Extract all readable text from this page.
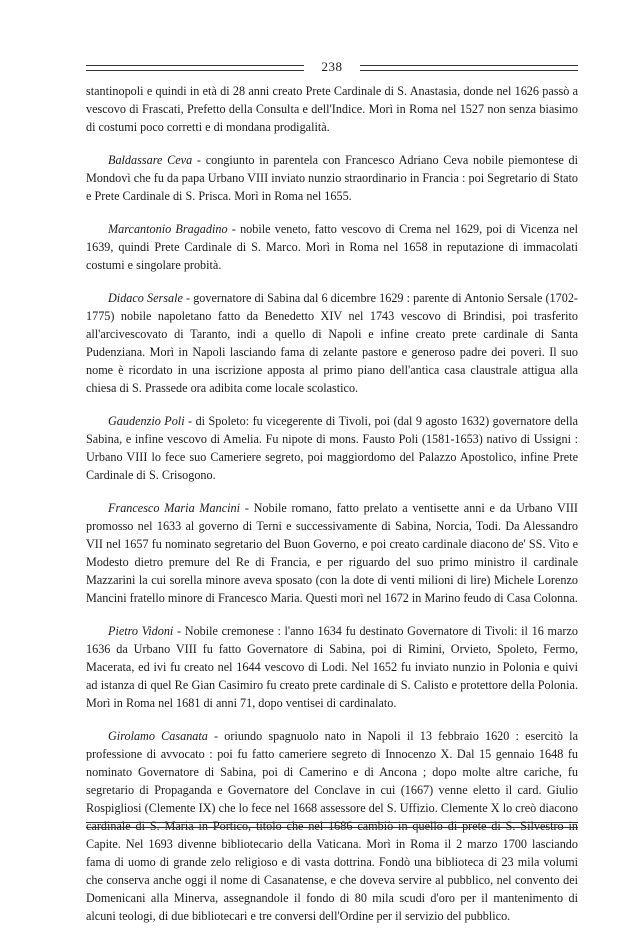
238

stantinopoli e quindi in età di 28 anni creato Prete Cardinale di S. Anastasia, donde nel 1626 passò a vescovo di Frascati, Prefetto della Consulta e dell'Indice. Morì in Roma nel 1527 non senza biasimo di costumi poco corretti e di mondana prodigalità.

Baldassare Ceva - congiunto in parentela con Francesco Adriano Ceva nobile piemontese di Mondovì che fu da papa Urbano VIII inviato nunzio straordinario in Francia : poi Segretario di Stato e Prete Cardinale di S. Prisca. Morì in Roma nel 1655.

Marcantonio Bragadino - nobile veneto, fatto vescovo di Crema nel 1629, poi di Vicenza nel 1639, quindi Prete Cardinale di S. Marco. Morì in Roma nel 1658 in reputazione di immacolati costumi e singolare probità.

Didaco Sersale - governatore di Sabina dal 6 dicembre 1629 : parente di Antonio Sersale (1702-1775) nobile napoletano fatto da Benedetto XIV nel 1743 vescovo di Brindisi, poi trasferito all'arcivescovato di Taranto, indi a quello di Napoli e infine creato prete cardinale di Santa Pudenziana. Morì in Napoli lasciando fama di zelante pastore e generoso padre dei poveri. Il suo nome è ricordato in una iscrizione apposta al primo piano dell'antica casa claustrale attigua alla chiesa di S. Prassede ora adibita come locale scolastico.

Gaudenzio Poli - di Spoleto: fu vicegerente di Tivoli, poi (dal 9 agosto 1632) governatore della Sabina, e infine vescovo di Amelia. Fu nipote di mons. Fausto Poli (1581-1653) nativo di Ussigni : Urbano VIII lo fece suo Cameriere segreto, poi maggiordomo del Palazzo Apostolico, infine Prete Cardinale di S. Crisogono.

Francesco Maria Mancini - Nobile romano, fatto prelato a ventisette anni e da Urbano VIII promosso nel 1633 al governo di Terni e successivamente di Sabina, Norcia, Todi. Da Alessandro VII nel 1657 fu nominato segretario del Buon Governo, e poi creato cardinale diacono de' SS. Vito e Modesto dietro premure del Re di Francia, e per riguardo del suo primo ministro il cardinale Mazzarini la cui sorella minore aveva sposato (con la dote di venti milioni di lire) Michele Lorenzo Mancini fratello minore di Francesco Maria. Questi morì nel 1672 in Marino feudo di Casa Colonna.

Pietro Vidoni - Nobile cremonese : l'anno 1634 fu destinato Governatore di Tivoli: il 16 marzo 1636 da Urbano VIII fu fatto Governatore di Sabina, poi di Rimini, Orvieto, Spoleto, Fermo, Macerata, ed ivi fu creato nel 1644 vescovo di Lodi. Nel 1652 fu inviato nunzio in Polonia e quivi ad istanza di quel Re Gian Casimiro fu creato prete cardinale di S. Calisto e protettore della Polonia. Morì in Roma nel 1681 di anni 71, dopo ventisei di cardinalato.

Girolamo Casanata - oriundo spagnuolo nato in Napoli il 13 febbraio 1620 : esercitò la professione di avvocato : poi fu fatto cameriere segreto di Innocenzo X. Dal 15 gennaio 1648 fu nominato Governatore di Sabina, poi di Camerino e di Ancona ; dopo molte altre cariche, fu segretario di Propaganda e Governatore del Conclave in cui (1667) venne eletto il card. Giulio Rospigliosi (Clemente IX) che lo fece nel 1668 assessore del S. Uffizio. Clemente X lo creò diacono cardinale di S. Maria in Portico, titolo che nel 1686 cambiò in quello di prete di S. Silvestro in Capite. Nel 1693 divenne bibliotecario della Vaticana. Morì in Roma il 2 marzo 1700 lasciando fama di uomo di grande zelo religioso e di vasta dottrina. Fondò una biblioteca di 23 mila volumi che conserva anche oggi il nome di Casanatense, e che doveva servire al pubblico, nel convento dei Domenicani alla Minerva, assegnandole il fondo di 80 mila scudi d'oro per il mantenimento di alcuni teologi, di due bibliotecari e tre conversi dell'Ordine per il servizio del pubblico.
